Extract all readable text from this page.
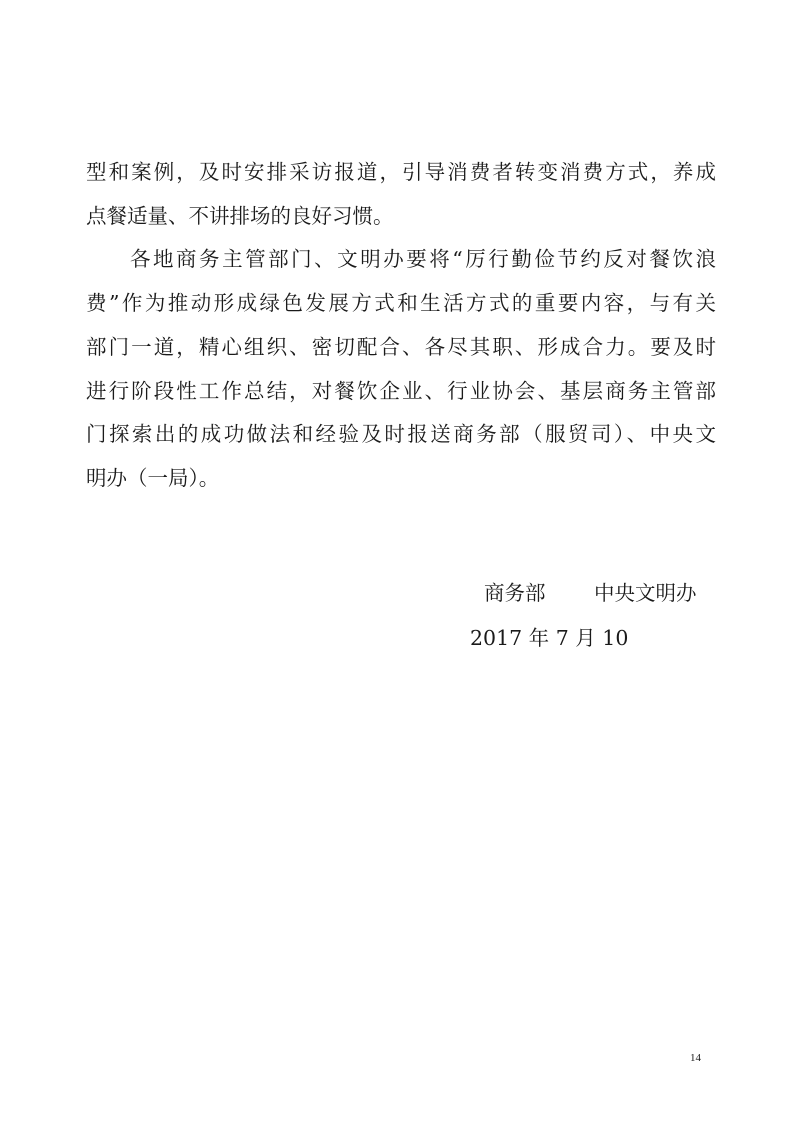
型和案例，及时安排采访报道，引导消费者转变消费方式，养成
点餐适量、不讲排场的良好习惯。
各地商务主管部门、文明办要将“厉行勤俭节约反对餐饮浪
费”作为推动形成绿色发展方式和生活方式的重要内容，与有关
部门一道，精心组织、密切配合、各尽其职、形成合力。要及时
进行阶段性工作总结，对餐饮企业、行业协会、基层商务主管部
门探索出的成功做法和经验及时报送商务部（服贸司）、中央文
明办（一局）。
商务部 中央文明办
2017 年 7 月 10
14
